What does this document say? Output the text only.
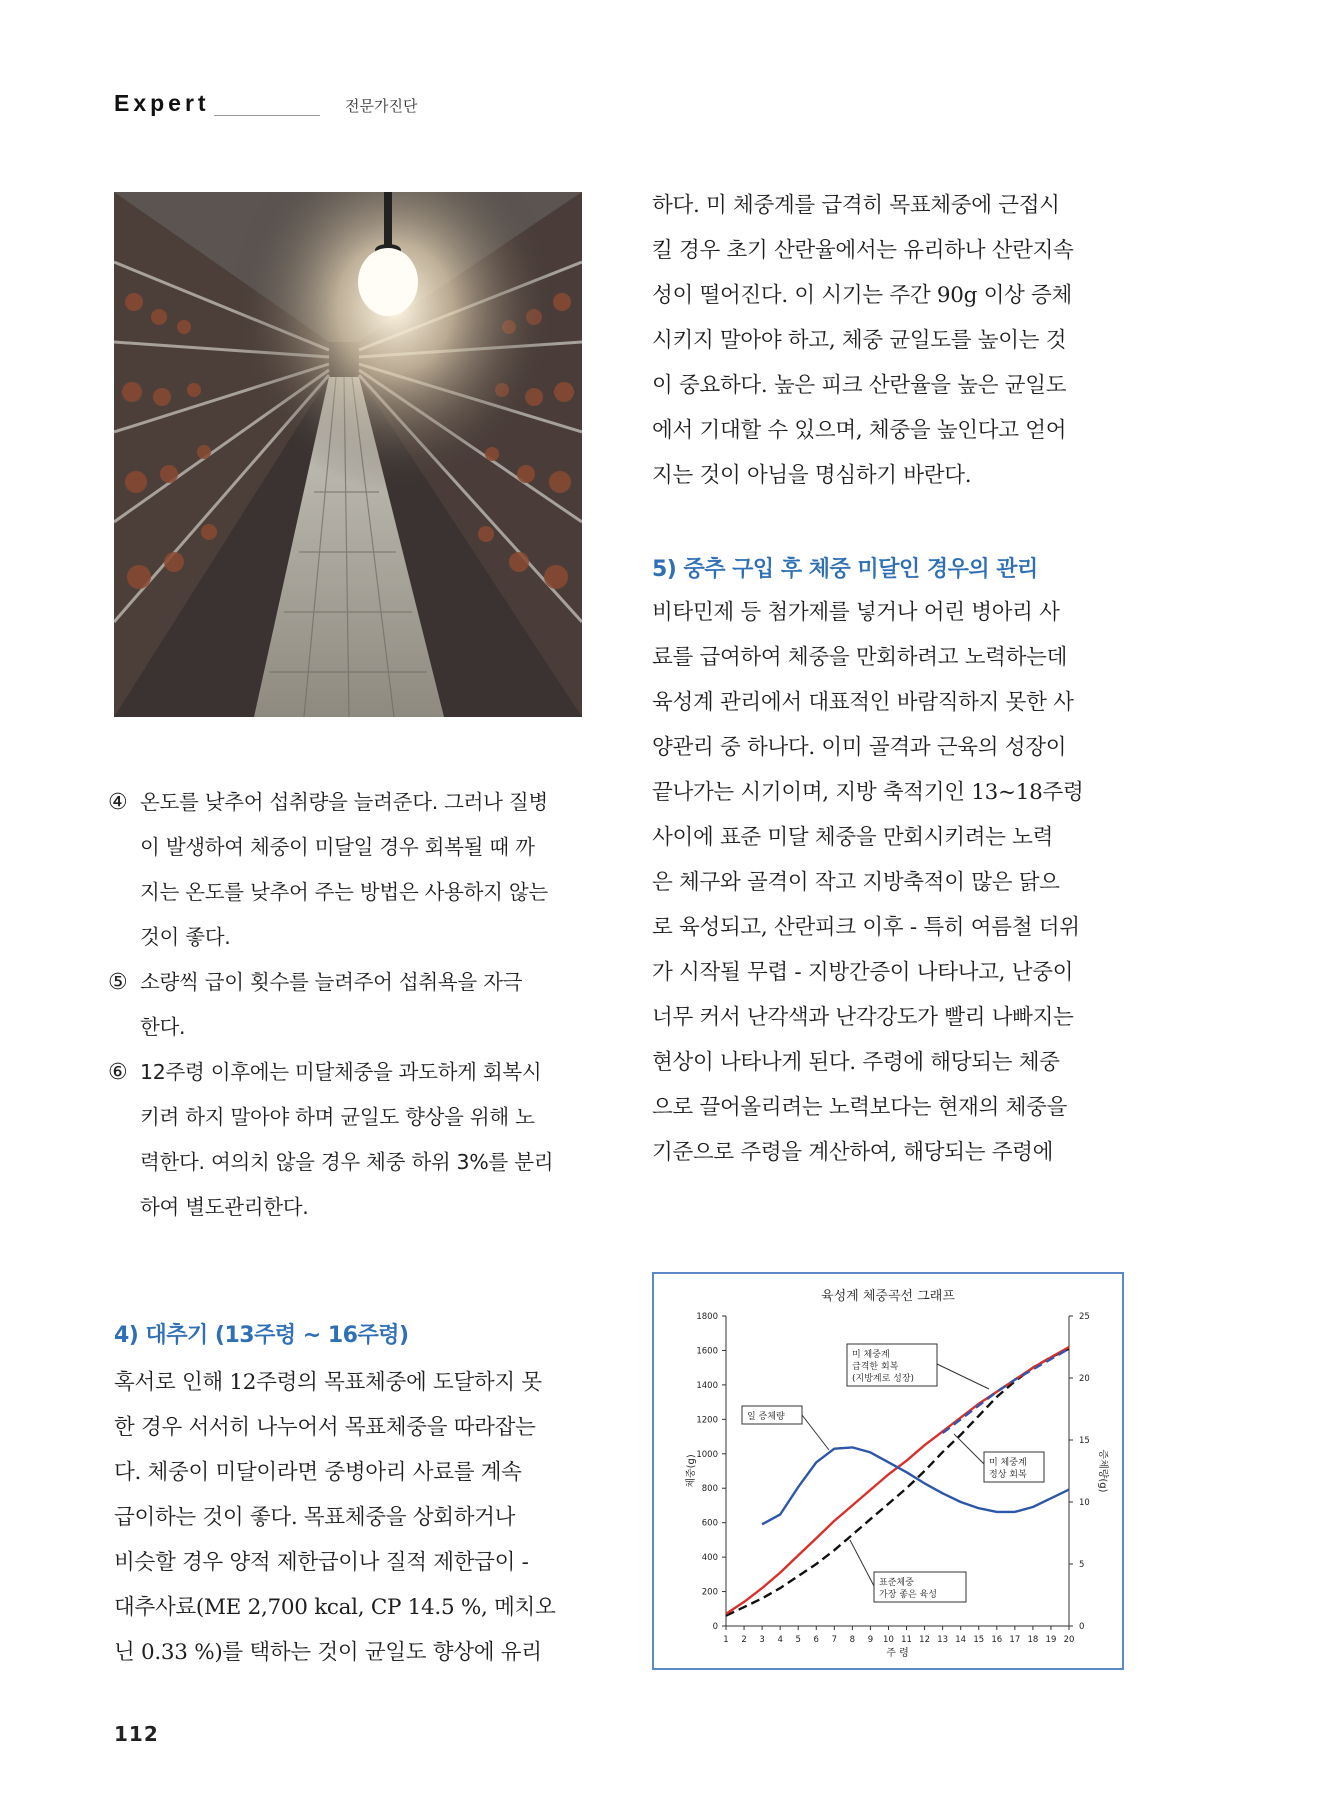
Expert	전문가진단
④ 온도를 낮추어 섭취량을 늘려준다. 그러나 질병
이 발생하여 체중이 미달일 경우 회복될 때 까
지는 온도를 낮추어 주는 방법은 사용하지 않는
것이 좋다.
⑤ 소량씩 급이 횟수를 늘려주어 섭취욕을 자극
한다.
⑥ 12주령 이후에는 미달체중을 과도하게 회복시
키려 하지 말아야 하며 균일도 향상을 위해 노
력한다. 여의치 않을 경우 체중 하위 3%를 분리
하여 별도관리한다.
4) 대추기 (13주령 ~ 16주령)
혹서로 인해 12주령의 목표체중에 도달하지 못
한 경우 서서히 나누어서 목표체중을 따라잡는
다. 체중이 미달이라면 중병아리 사료를 계속
급이하는 것이 좋다. 목표체중을 상회하거나
비슷할 경우 양적 제한급이나 질적 제한급이 -
대추사료(ME 2,700 kcal, CP 14.5 %, 메치오
닌 0.33 %)를 택하는 것이 균일도 향상에 유리
하다. 미 체중계를 급격히 목표체중에 근접시
킬 경우 초기 산란율에서는 유리하나 산란지속
성이 떨어진다. 이 시기는 주간 90g 이상 증체
시키지 말아야 하고, 체중 균일도를 높이는 것
이 중요하다. 높은 피크 산란율을 높은 균일도
에서 기대할 수 있으며, 체중을 높인다고 얻어
지는 것이 아님을 명심하기 바란다.
5) 중추 구입 후 체중 미달인 경우의 관리
비타민제 등 첨가제를 넣거나 어린 병아리 사
료를 급여하여 체중을 만회하려고 노력하는데
육성계 관리에서 대표적인 바람직하지 못한 사
양관리 중 하나다. 이미 골격과 근육의 성장이
끝나가는 시기이며, 지방 축적기인 13~18주령
사이에 표준 미달 체중을 만회시키려는 노력
은 체구와 골격이 작고 지방축적이 많은 닭으
로 육성되고, 산란피크 이후 - 특히 여름철 더위
가 시작될 무렵 - 지방간증이 나타나고, 난중이
너무 커서 난각색과 난각강도가 빨리 나빠지는
현상이 나타나게 된다. 주령에 해당되는 체중
으로 끌어올리려는 노력보다는 현재의 체중을
기준으로 주령을 계산하여, 해당되는 주령에
육성계 체중곡선 그래프
0
200
400
600
800
1000
1200
1400
1600
1800
0
5
10
15
20
25
1 2 3 4 5 6 7 8 9 10 11 12 13 14 15 16 17 18 19 20
주 령
체중(g)	증체량(g)
미 체중계
급격한 회복
(지방계로 성장)
일 증체량
미 체중계
정상 회복
표준체중
가장 좋은 육성
112
